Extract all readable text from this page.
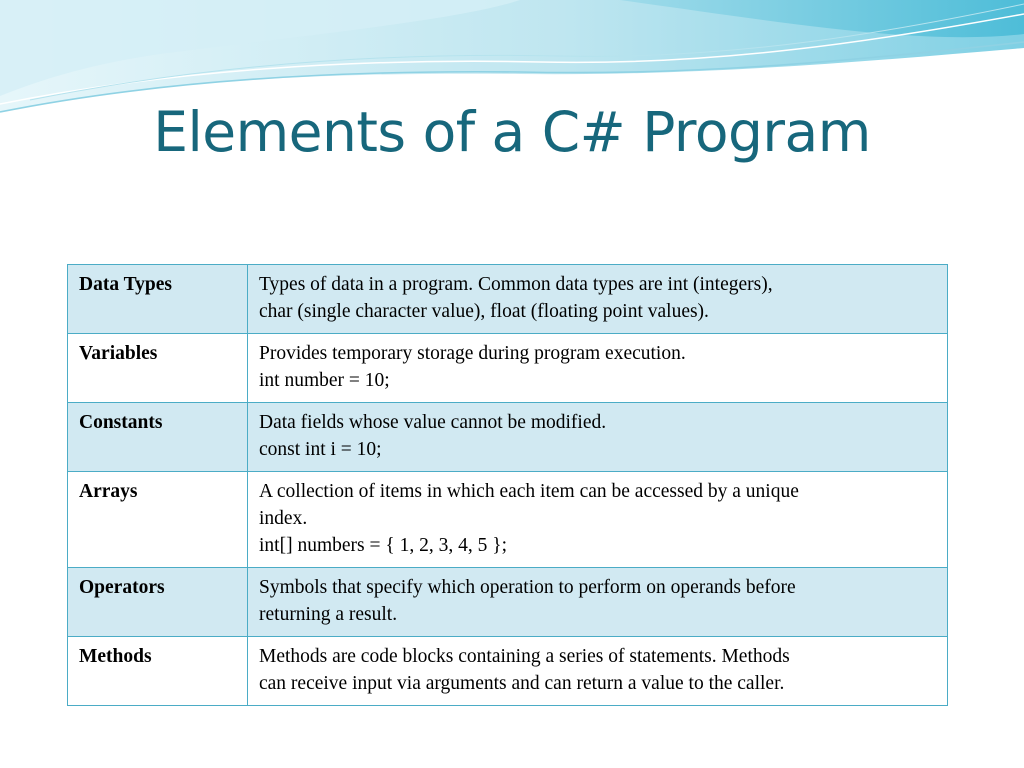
Elements of a C# Program
Data Types	Types of data in a program. Common data types are int (integers),
char (single character value), float (floating point values).

Variables	Provides temporary storage during program execution.
int number = 10;

Constants	Data fields whose value cannot be modified.
const int i = 10;

Arrays	A collection of items in which each item can be accessed by a unique
index.
int[] numbers = { 1, 2, 3, 4, 5 };

Operators	Symbols that specify which operation to perform on operands before
returning a result.

Methods	Methods are code blocks containing a series of statements. Methods
can receive input via arguments and can return a value to the caller.
